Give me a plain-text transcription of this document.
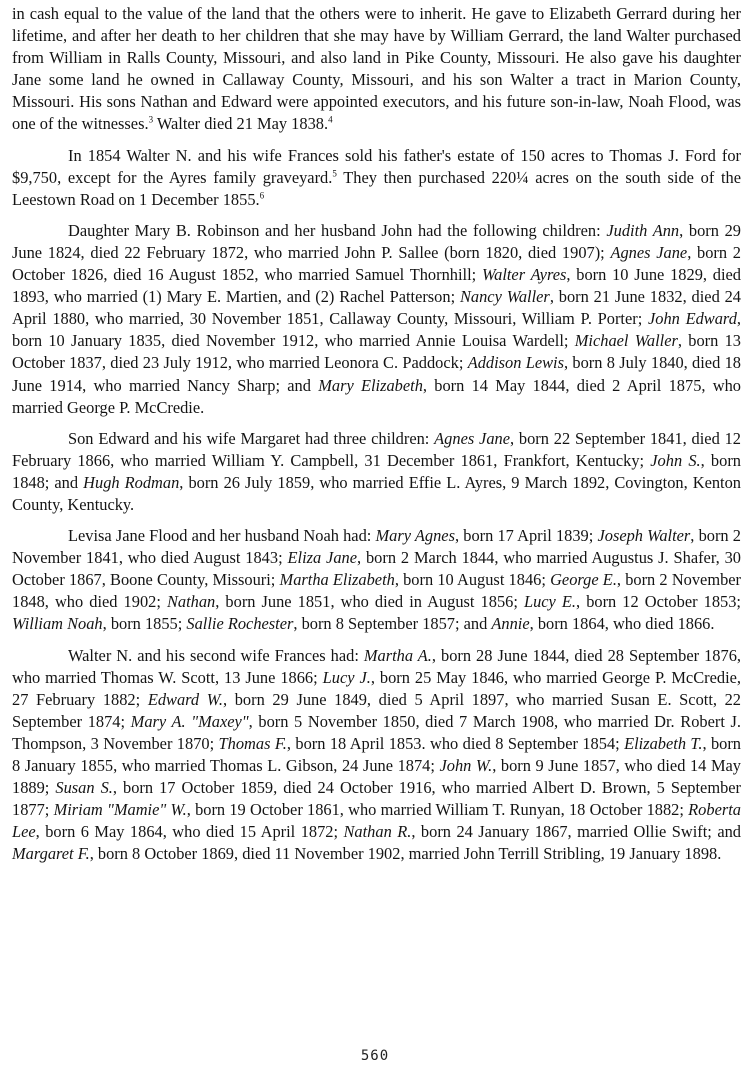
in cash equal to the value of the land that the others were to inherit. He gave to Elizabeth Gerrard during her lifetime, and after her death to her children that she may have by William Gerrard, the land Walter purchased from William in Ralls County, Missouri, and also land in Pike County, Missouri. He also gave his daughter Jane some land he owned in Callaway County, Missouri, and his son Walter a tract in Marion County, Missouri. His sons Nathan and Edward were appointed executors, and his future son-in-law, Noah Flood, was one of the witnesses.$^3$ Walter died 21 May 1838.$^4$

In 1854 Walter N. and his wife Frances sold his father's estate of 150 acres to Thomas J. Ford for $9,750, except for the Ayres family graveyard.$^5$ They then purchased 220¼ acres on the south side of the Leestown Road on 1 December 1855.$^6$

Daughter Mary B. Robinson and her husband John had the following children: Judith Ann, born 29 June 1824, died 22 February 1872, who married John P. Sallee (born 1820, died 1907); Agnes Jane, born 2 October 1826, died 16 August 1852, who married Samuel Thornhill; Walter Ayres, born 10 June 1829, died 1893, who married (1) Mary E. Martien, and (2) Rachel Patterson; Nancy Waller, born 21 June 1832, died 24 April 1880, who married, 30 November 1851, Callaway County, Missouri, William P. Porter; John Edward, born 10 January 1835, died November 1912, who married Annie Louisa Wardell; Michael Waller, born 13 October 1837, died 23 July 1912, who married Leonora C. Paddock; Addison Lewis, born 8 July 1840, died 18 June 1914, who married Nancy Sharp; and Mary Elizabeth, born 14 May 1844, died 2 April 1875, who married George P. McCredie.

Son Edward and his wife Margaret had three children: Agnes Jane, born 22 September 1841, died 12 February 1866, who married William Y. Campbell, 31 December 1861, Frankfort, Kentucky; John S., born 1848; and Hugh Rodman, born 26 July 1859, who married Effie L. Ayres, 9 March 1892, Covington, Kenton County, Kentucky.

Levisa Jane Flood and her husband Noah had: Mary Agnes, born 17 April 1839; Joseph Walter, born 2 November 1841, who died August 1843; Eliza Jane, born 2 March 1844, who married Augustus J. Shafer, 30 October 1867, Boone County, Missouri; Martha Elizabeth, born 10 August 1846; George E., born 2 November 1848, who died 1902; Nathan, born June 1851, who died in August 1856; Lucy E., born 12 October 1853; William Noah, born 1855; Sallie Rochester, born 8 September 1857; and Annie, born 1864, who died 1866.

Walter N. and his second wife Frances had: Martha A., born 28 June 1844, died 28 September 1876, who married Thomas W. Scott, 13 June 1866; Lucy J., born 25 May 1846, who married George P. McCredie, 27 February 1882; Edward W., born 29 June 1849, died 5 April 1897, who married Susan E. Scott, 22 September 1874; Mary A. "Maxey", born 5 November 1850, died 7 March 1908, who married Dr. Robert J. Thompson, 3 November 1870; Thomas F., born 18 April 1853. who died 8 September 1854; Elizabeth T., born 8 January 1855, who married Thomas L. Gibson, 24 June 1874; John W., born 9 June 1857, who died 14 May 1889; Susan S., born 17 October 1859, died 24 October 1916, who married Albert D. Brown, 5 September 1877; Miriam "Mamie" W., born 19 October 1861, who married William T. Runyan, 18 October 1882; Roberta Lee, born 6 May 1864, who died 15 April 1872; Nathan R., born 24 January 1867, married Ollie Swift; and Margaret F., born 8 October 1869, died 11 November 1902, married John Terrill Stribling, 19 January 1898.

560
